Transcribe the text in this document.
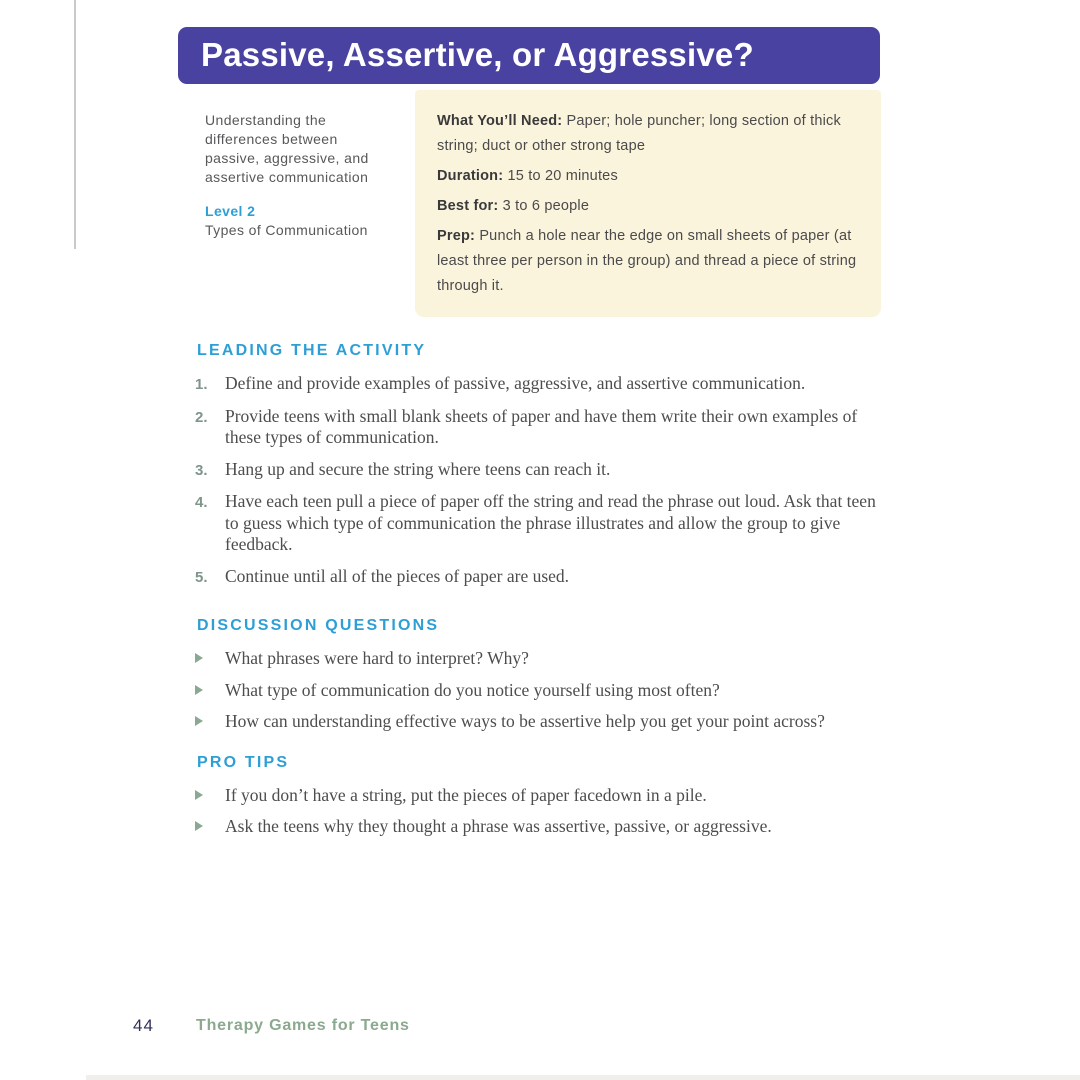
Passive, Assertive, or Aggressive?
Understanding the differences between passive, aggressive, and assertive communication
Level 2
Types of Communication

What You’ll Need: Paper; hole puncher; long section of thick string; duct or other strong tape

Duration: 15 to 20 minutes

Best for: 3 to 6 people

Prep: Punch a hole near the edge on small sheets of paper (at least three per person in the group) and thread a piece of string through it.

LEADING THE ACTIVITY
1. Define and provide examples of passive, aggressive, and assertive communication.
2. Provide teens with small blank sheets of paper and have them write their own examples of these types of communication.
3. Hang up and secure the string where teens can reach it.
4. Have each teen pull a piece of paper off the string and read the phrase out loud. Ask that teen to guess which type of communication the phrase illustrates and allow the group to give feedback.
5. Continue until all of the pieces of paper are used.
DISCUSSION QUESTIONS
What phrases were hard to interpret? Why?
What type of communication do you notice yourself using most often?
How can understanding effective ways to be assertive help you get your point across?
PRO TIPS
If you don’t have a string, put the pieces of paper facedown in a pile.
Ask the teens why they thought a phrase was assertive, passive, or aggressive.
44	Therapy Games for Teens
